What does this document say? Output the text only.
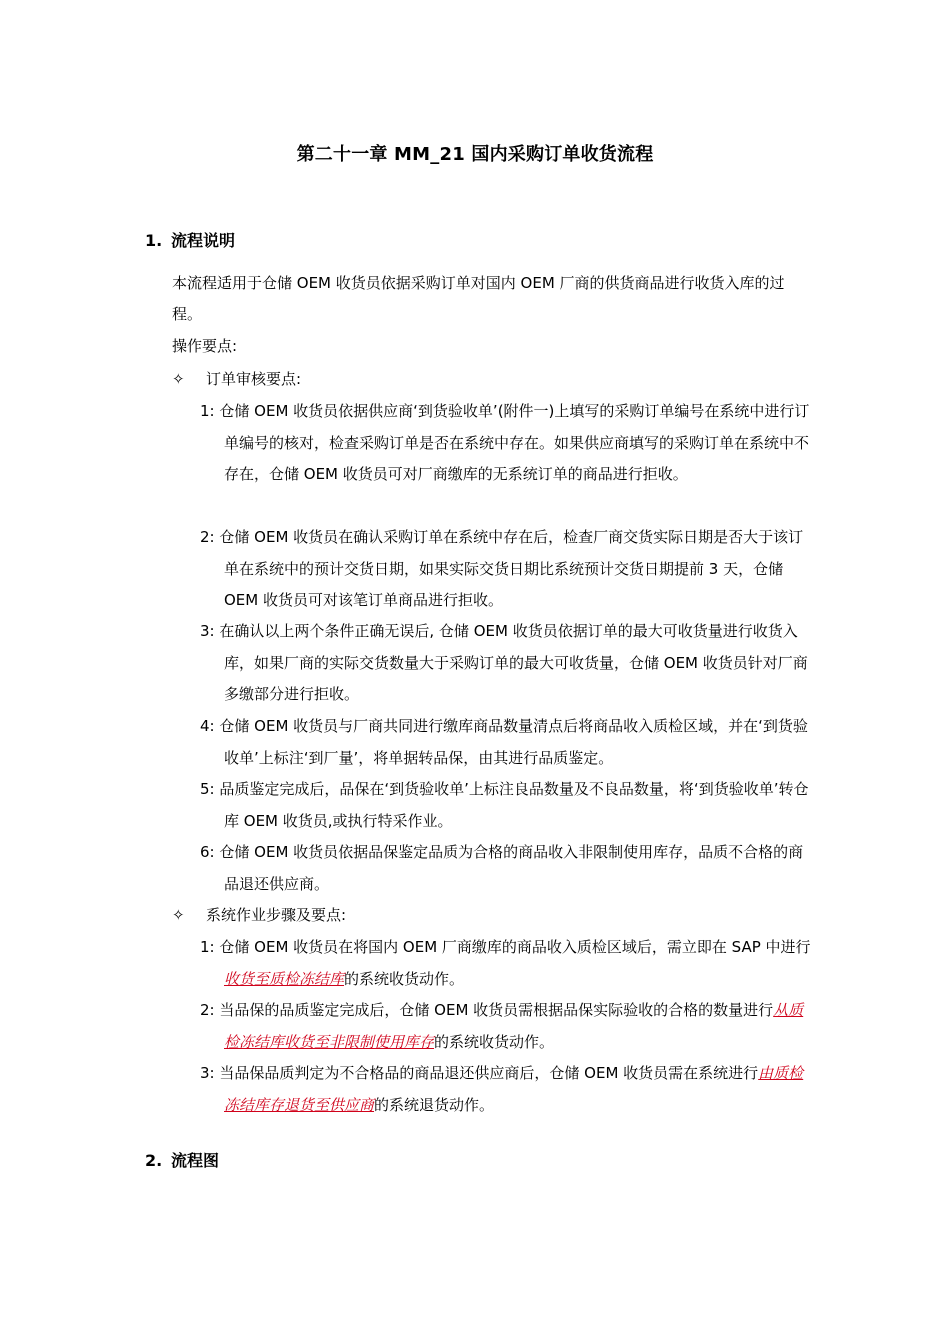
第二十一章 MM_21 国内采购订单收货流程
1. 流程说明
本流程适用于仓储 OEM 收货员依据采购订单对国内 OEM 厂商的供货商品进行收货入库的过程。
操作要点:
✧ 订单审核要点:
1: 仓储 OEM 收货员依据供应商‘到货验收单’(附件一)上填写的采购订单编号在系统中进行订单编号的核对，检查采购订单是否在系统中存在。如果供应商填写的采购订单在系统中不存在，仓储 OEM 收货员可对厂商缴库的无系统订单的商品进行拒收。
2: 仓储 OEM 收货员在确认采购订单在系统中存在后，检查厂商交货实际日期是否大于该订单在系统中的预计交货日期，如果实际交货日期比系统预计交货日期提前 3 天，仓储 OEM 收货员可对该笔订单商品进行拒收。
3: 在确认以上两个条件正确无误后, 仓储 OEM 收货员依据订单的最大可收货量进行收货入库，如果厂商的实际交货数量大于采购订单的最大可收货量，仓储 OEM 收货员针对厂商多缴部分进行拒收。
4: 仓储 OEM 收货员与厂商共同进行缴库商品数量清点后将商品收入质检区域，并在‘到货验收单’上标注‘到厂量’，将单据转品保，由其进行品质鉴定。
5: 品质鉴定完成后，品保在‘到货验收单’上标注良品数量及不良品数量，将‘到货验收单’转仓库 OEM 收货员,或执行特采作业。
6: 仓储 OEM 收货员依据品保鉴定品质为合格的商品收入非限制使用库存，品质不合格的商品退还供应商。
✧ 系统作业步骤及要点:
1: 仓储 OEM 收货员在将国内 OEM 厂商缴库的商品收入质检区域后，需立即在 SAP 中进行收货至质检冻结库的系统收货动作。
2: 当品保的品质鉴定完成后，仓储 OEM 收货员需根据品保实际验收的合格的数量进行从质检冻结库收货至非限制使用库存的系统收货动作。
3: 当品保品质判定为不合格品的商品退还供应商后，仓储 OEM 收货员需在系统进行由质检冻结库存退货至供应商的系统退货动作。
2. 流程图
